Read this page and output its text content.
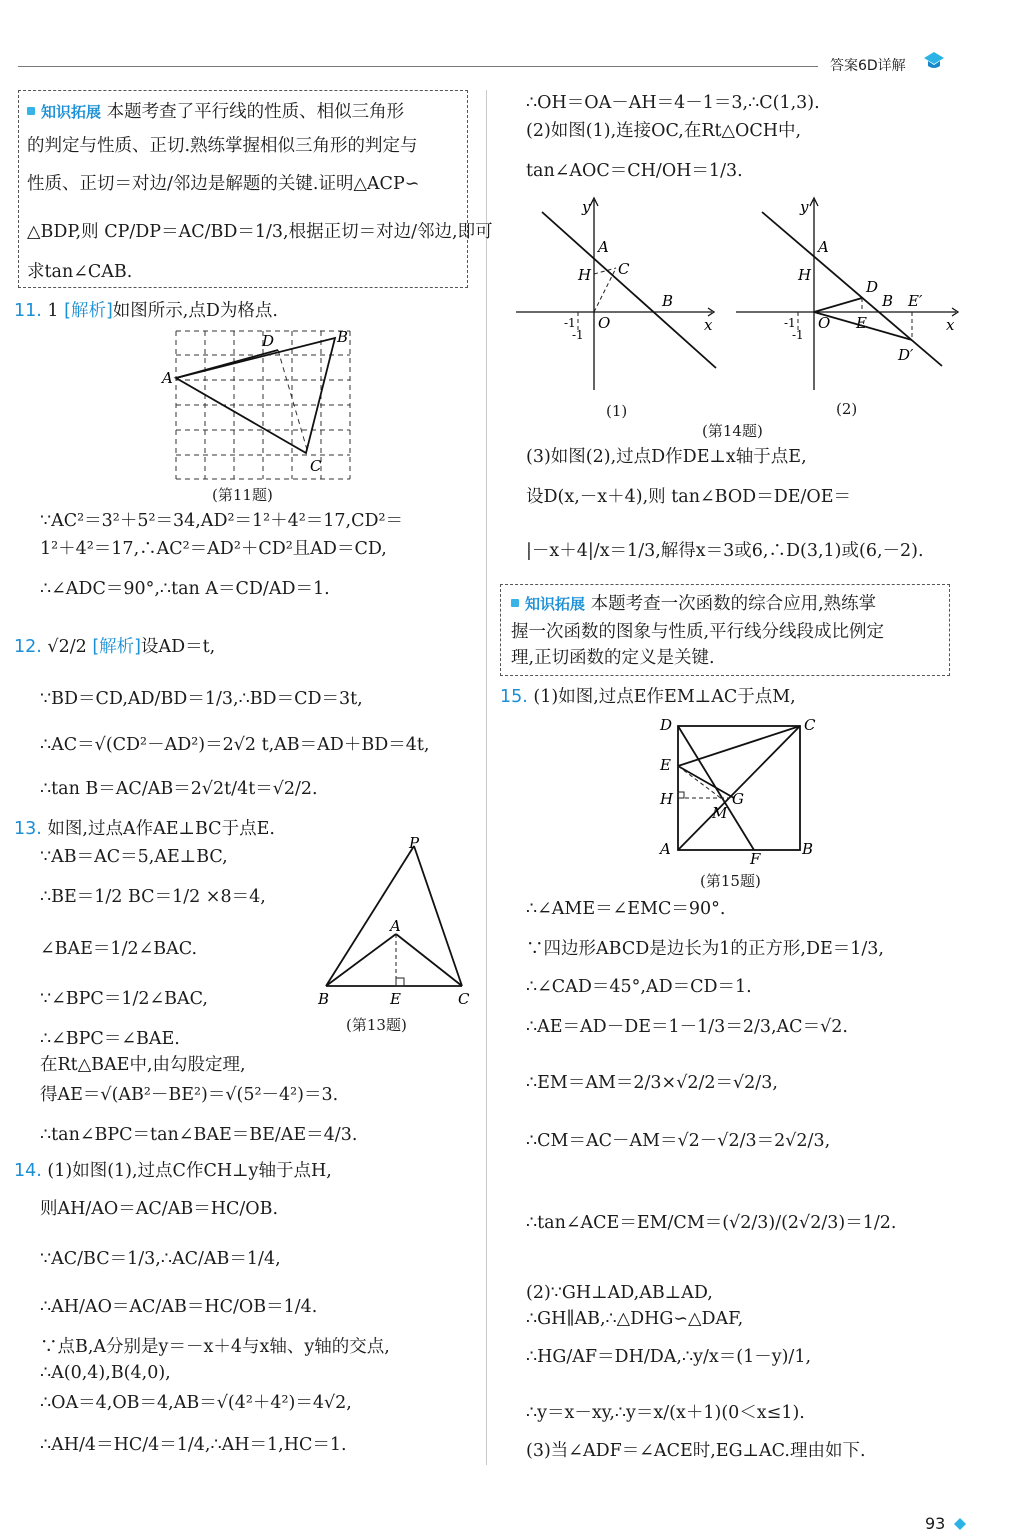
答案6D详解
知识拓展 本题考查了平行线的性质、相似三角形
的判定与性质、正切.熟练掌握相似三角形的判定与
性质、正切＝对边/邻边是解题的关键.证明△ACP∽
△BDP,则 CP/DP＝AC/BD＝1/3,根据正切＝对边/邻边,即可
求tan∠CAB.
11. 1 [解析]如图所示,点D为格点.
A
D	B
C
(第11题)
∵AC²＝3²＋5²＝34,AD²＝1²＋4²＝17,CD²＝
1²＋4²＝17,∴AC²＝AD²＋CD²且AD＝CD,
∴∠ADC＝90°,∴tan A＝CD/AD＝1.
12. √2/2 [解析]设AD＝t,
∵BD＝CD,AD/BD＝1/3,∴BD＝CD＝3t,
∴AC＝√(CD²－AD²)＝2√2 t,AB＝AD＋BD＝4t,
∴tan B＝AC/AB＝2√2t/4t＝√2/2.
13. 如图,过点A作AE⊥BC于点E.
∵AB＝AC＝5,AE⊥BC,
∴BE＝1/2 BC＝1/2 ×8＝4,
∠BAE＝1/2∠BAC.
∵∠BPC＝1/2∠BAC,
∴∠BPC＝∠BAE.
在Rt△BAE中,由勾股定理,
得AE＝√(AB²－BE²)＝√(5²－4²)＝3.
∴tan∠BPC＝tan∠BAE＝BE/AE＝4/3.
P
A
B	E	C
(第13题)
14. (1)如图(1),过点C作CH⊥y轴于点H,
则AH/AO＝AC/AB＝HC/OB.
∵AC/BC＝1/3,∴AC/AB＝1/4,
∴AH/AO＝AC/AB＝HC/OB＝1/4.
∵点B,A分别是y＝－x＋4与x轴、y轴的交点,
∴A(0,4),B(4,0),
∴OA＝4,OB＝4,AB＝√(4²＋4²)＝4√2,
∴AH/4＝HC/4＝1/4,∴AH＝1,HC＝1.
∴OH＝OA－AH＝4－1＝3,∴C(1,3).
(2)如图(1),连接OC,在Rt△OCH中,
tan∠AOC＝CH/OH＝1/3.
y
A
H C
B
O	x
-1
-1
y
A
H
D
B E′
E
O
D′
x
-1
-1
(1)	(2)
(第14题)
(3)如图(2),过点D作DE⊥x轴于点E,
设D(x,－x＋4),则 tan∠BOD＝DE/OE＝
|－x＋4|/x＝1/3,解得x＝3或6,∴D(3,1)或(6,－2).
知识拓展 本题考查一次函数的综合应用,熟练掌
握一次函数的图象与性质,平行线分线段成比例定
理,正切函数的定义是关键.
15. (1)如图,过点E作EM⊥AC于点M,
D	C
E
H	G
M
A
F
B
(第15题)
∴∠AME＝∠EMC＝90°.
∵四边形ABCD是边长为1的正方形,DE＝1/3,
∴∠CAD＝45°,AD＝CD＝1.
∴AE＝AD－DE＝1－1/3＝2/3,AC＝√2.
∴EM＝AM＝2/3×√2/2＝√2/3,
∴CM＝AC－AM＝√2－√2/3＝2√2/3,
∴tan∠ACE＝EM/CM＝(√2/3)/(2√2/3)＝1/2.
(2)∵GH⊥AD,AB⊥AD,
∴GH∥AB,∴△DHG∽△DAF,
∴HG/AF＝DH/DA,∴y/x＝(1－y)/1,
∴y＝x－xy,∴y＝x/(x＋1)(0＜x≤1).
(3)当∠ADF＝∠ACE时,EG⊥AC.理由如下.
93
